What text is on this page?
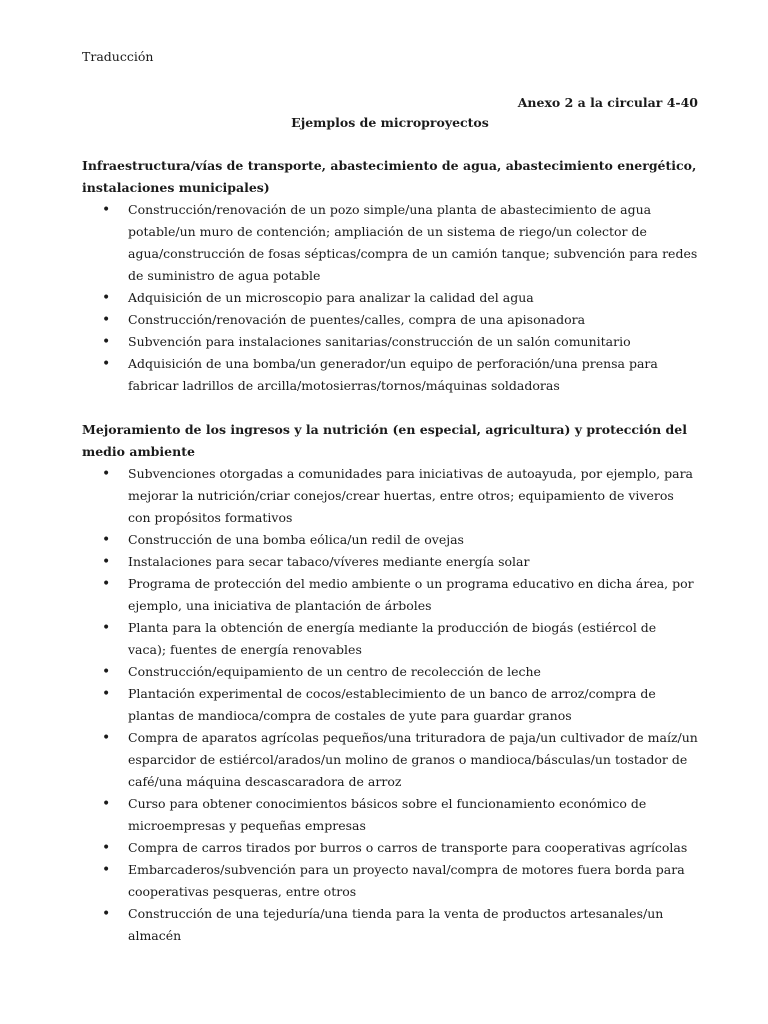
Traducción
Anexo 2 a la circular 4-40
Ejemplos de microproyectos

Infraestructura/vías de transporte, abastecimiento de agua, abastecimiento energético, instalaciones municipales)

• Construcción/renovación de un pozo simple/una planta de abastecimiento de agua potable/un muro de contención; ampliación de un sistema de riego/un colector de agua/construcción de fosas sépticas/compra de un camión tanque; subvención para redes de suministro de agua potable
• Adquisición de un microscopio para analizar la calidad del agua
• Construcción/renovación de puentes/calles, compra de una apisonadora
• Subvención para instalaciones sanitarias/construcción de un salón comunitario
• Adquisición de una bomba/un generador/un equipo de perforación/una prensa para fabricar ladrillos de arcilla/motosierras/tornos/máquinas soldadoras

Mejoramiento de los ingresos y la nutrición (en especial, agricultura) y protección del medio ambiente

• Subvenciones otorgadas a comunidades para iniciativas de autoayuda, por ejemplo, para mejorar la nutrición/criar conejos/crear huertas, entre otros; equipamiento de viveros con propósitos formativos
• Construcción de una bomba eólica/un redil de ovejas
• Instalaciones para secar tabaco/víveres mediante energía solar
• Programa de protección del medio ambiente o un programa educativo en dicha área, por ejemplo, una iniciativa de plantación de árboles
• Planta para la obtención de energía mediante la producción de biogás (estiércol de vaca); fuentes de energía renovables
• Construcción/equipamiento de un centro de recolección de leche
• Plantación experimental de cocos/establecimiento de un banco de arroz/compra de plantas de mandioca/compra de costales de yute para guardar granos
• Compra de aparatos agrícolas pequeños/una trituradora de paja/un cultivador de maíz/un esparcidor de estiércol/arados/un molino de granos o mandioca/básculas/un tostador de café/una máquina descascaradora de arroz
• Curso para obtener conocimientos básicos sobre el funcionamiento económico de microempresas y pequeñas empresas
• Compra de carros tirados por burros o carros de transporte para cooperativas agrícolas
• Embarcaderos/subvención para un proyecto naval/compra de motores fuera borda para cooperativas pesqueras, entre otros
• Construcción de una tejeduría/una tienda para la venta de productos artesanales/un almacén
